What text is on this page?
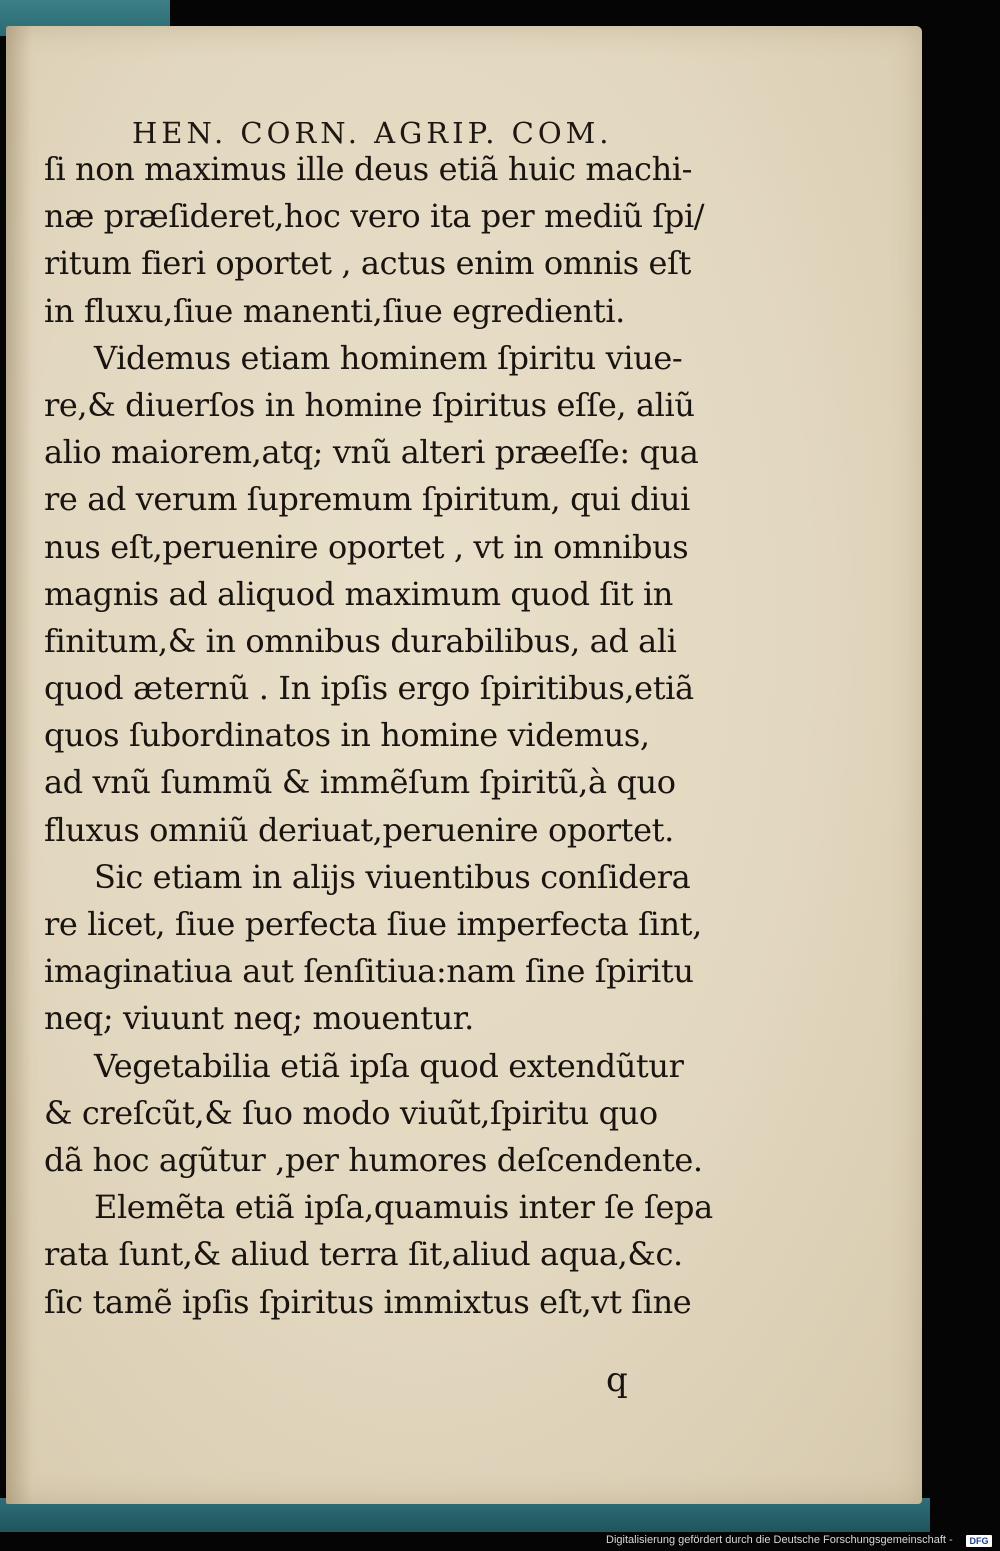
HEN. CORN. AGRIP. COM.
ſi non maximus ille deus etiã huic machi-
næ præſideret,hoc vero ita per mediũ ſpi/
ritum fieri oportet , actus enim omnis eſt
in fluxu,ſiue manenti,ſiue egredienti.
Videmus etiam hominem ſpiritu viue-
re,& diuerſos in homine ſpiritus eſſe, aliũ
alio maiorem,atq; vnũ alteri præeſſe: qua
re ad verum ſupremum ſpiritum, qui diui
nus eſt,peruenire oportet , vt in omnibus
magnis ad aliquod maximum quod ſit in
finitum,& in omnibus durabilibus, ad ali
quod æternũ . In ipſis ergo ſpiritibus,etiã
quos ſubordinatos in homine videmus,
ad vnũ ſummũ & immẽſum ſpiritũ,à quo
fluxus omniũ deriuat,peruenire oportet.
Sic etiam in alijs viuentibus conſidera
re licet, ſiue perfecta ſiue imperfecta ſint,
imaginatiua aut ſenſitiua:nam ſine ſpiritu
neq; viuunt neq; mouentur.
Vegetabilia etiã ipſa quod extendũtur
& creſcũt,& ſuo modo viuũt,ſpiritu quo
dã hoc agũtur ,per humores deſcendente.
Elemẽta etiã ipſa,quamuis inter ſe ſepa
rata ſunt,& aliud terra ſit,aliud aqua,&c.
ſic tamẽ ipſis ſpiritus immixtus eſt,vt ſine
q
Digitalisierung gefördert durch die Deutsche Forschungsgemeinschaft -	DFG
